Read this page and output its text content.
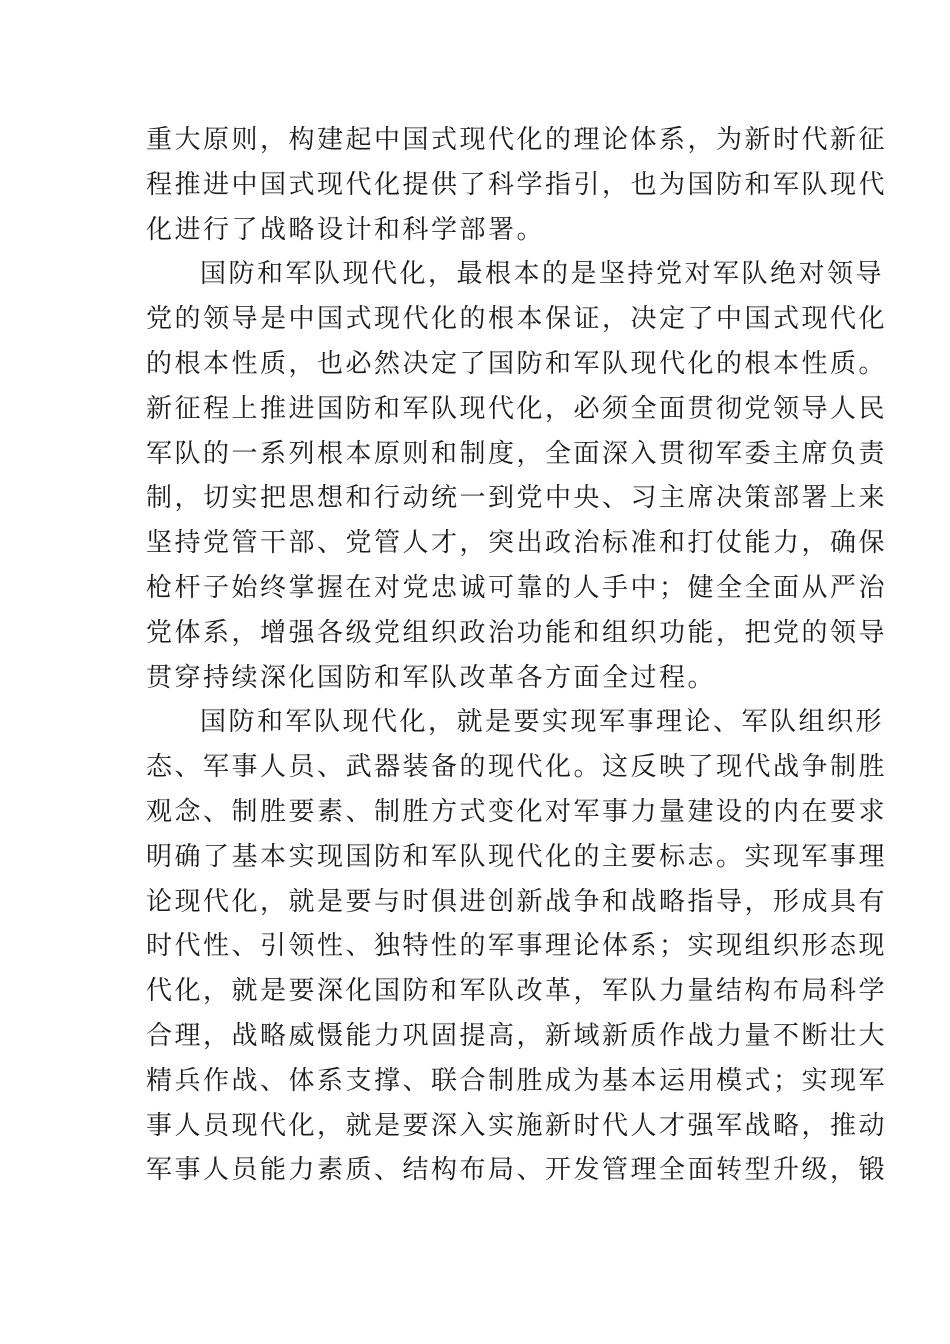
重大原则，构建起中国式现代化的理论体系，为新时代新征
程推进中国式现代化提供了科学指引，也为国防和军队现代
化进行了战略设计和科学部署。
国防和军队现代化，最根本的是坚持党对军队绝对领导
党的领导是中国式现代化的根本保证，决定了中国式现代化
的根本性质，也必然决定了国防和军队现代化的根本性质。
新征程上推进国防和军队现代化，必须全面贯彻党领导人民
军队的一系列根本原则和制度，全面深入贯彻军委主席负责
制，切实把思想和行动统一到党中央、习主席决策部署上来
坚持党管干部、党管人才，突出政治标准和打仗能力，确保
枪杆子始终掌握在对党忠诚可靠的人手中；健全全面从严治
党体系，增强各级党组织政治功能和组织功能，把党的领导
贯穿持续深化国防和军队改革各方面全过程。
国防和军队现代化，就是要实现军事理论、军队组织形
态、军事人员、武器装备的现代化。这反映了现代战争制胜
观念、制胜要素、制胜方式变化对军事力量建设的内在要求
明确了基本实现国防和军队现代化的主要标志。实现军事理
论现代化，就是要与时俱进创新战争和战略指导，形成具有
时代性、引领性、独特性的军事理论体系；实现组织形态现
代化，就是要深化国防和军队改革，军队力量结构布局科学
合理，战略威慑能力巩固提高，新域新质作战力量不断壮大
精兵作战、体系支撑、联合制胜成为基本运用模式；实现军
事人员现代化，就是要深入实施新时代人才强军战略，推动
军事人员能力素质、结构布局、开发管理全面转型升级，锻
